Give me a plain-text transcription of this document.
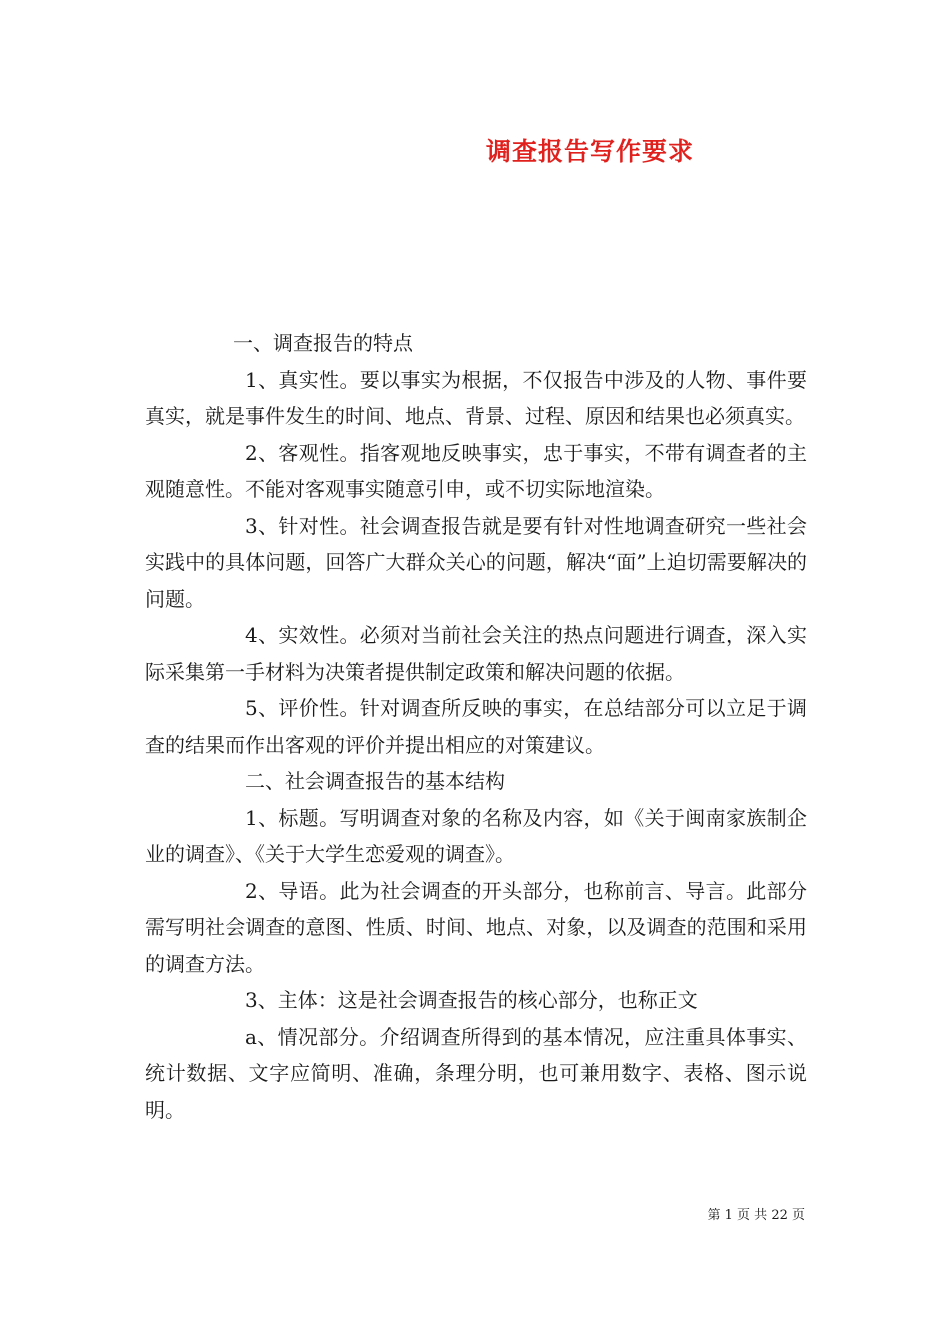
调查报告写作要求

一、调查报告的特点

1、真实性。要以事实为根据，不仅报告中涉及的人物、事件要真实，就是事件发生的时间、地点、背景、过程、原因和结果也必须真实。

2、客观性。指客观地反映事实，忠于事实，不带有调查者的主观随意性。不能对客观事实随意引申，或不切实际地渲染。

3、针对性。社会调查报告就是要有针对性地调查研究一些社会实践中的具体问题，回答广大群众关心的问题，解决“面”上迫切需要解决的问题。

4、实效性。必须对当前社会关注的热点问题进行调查，深入实际采集第一手材料为决策者提供制定政策和解决问题的依据。

5、评价性。针对调查所反映的事实，在总结部分可以立足于调查的结果而作出客观的评价并提出相应的对策建议。

二、社会调查报告的基本结构

1、标题。写明调查对象的名称及内容，如《关于闽南家族制企业的调查》、《关于大学生恋爱观的调查》。

2、导语。此为社会调查的开头部分，也称前言、导言。此部分需写明社会调查的意图、性质、时间、地点、对象，以及调查的范围和采用的调查方法。

3、主体：这是社会调查报告的核心部分，也称正文

a、情况部分。介绍调查所得到的基本情况，应注重具体事实、统计数据、文字应简明、准确，条理分明，也可兼用数字、表格、图示说明。

第 1 页 共 22 页
